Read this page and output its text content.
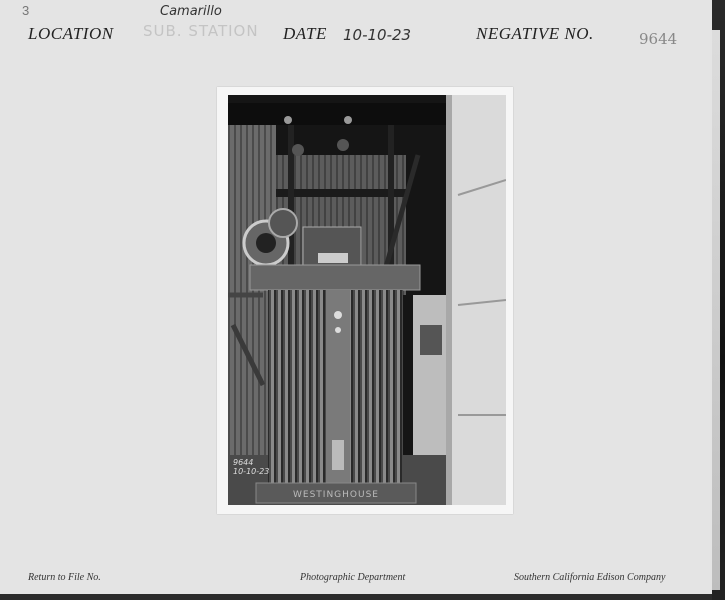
3
LOCATION
Camarillo
SUB. STATION DATE 10-10-23	NEGATIVE NO.	9644
WESTINGHOUSE
9644
10-10-23
Return to File No.	Photographic Department	Southern California Edison Company
